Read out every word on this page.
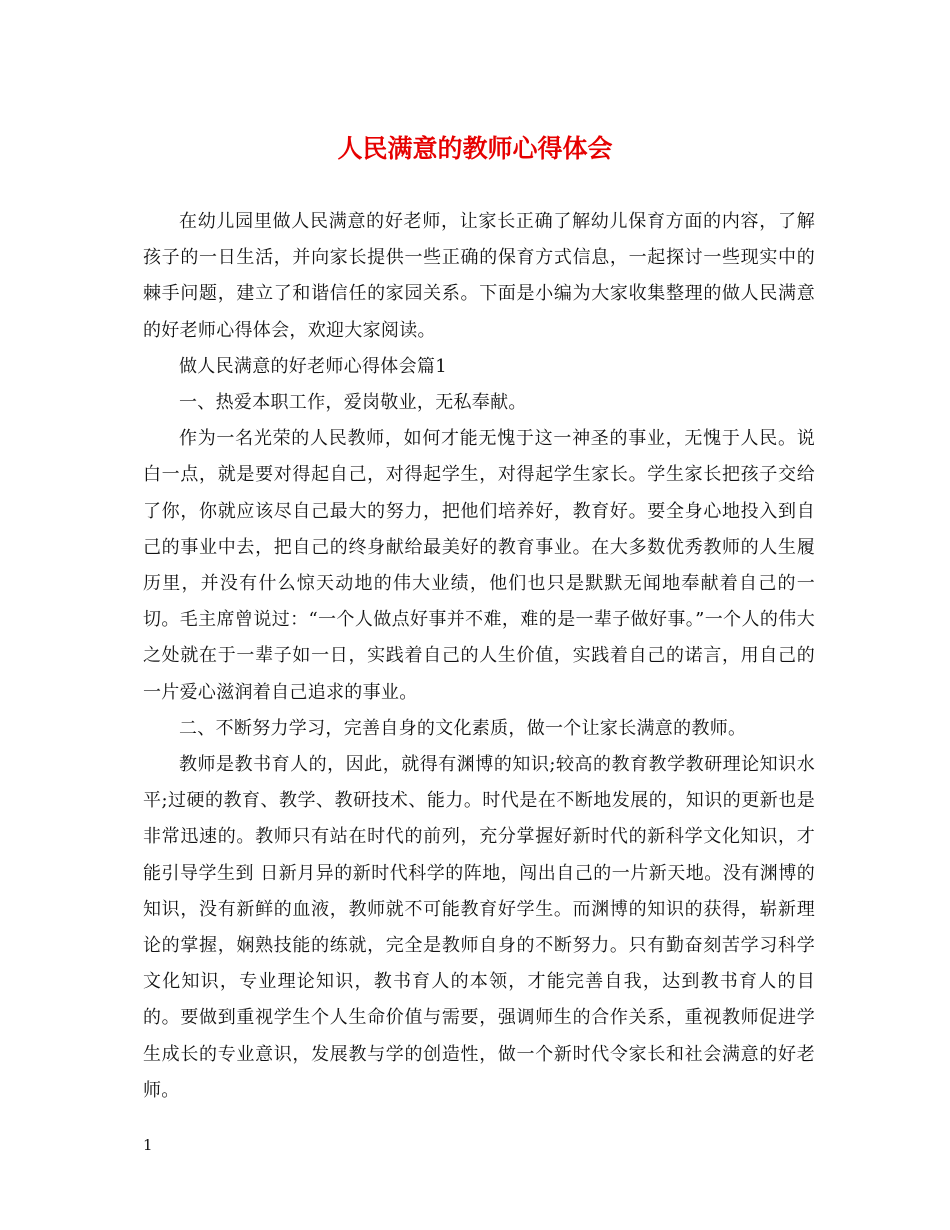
人民满意的教师心得体会

在幼儿园里做人民满意的好老师，让家长正确了解幼儿保育方面的内容，了解孩子的一日生活，并向家长提供一些正确的保育方式信息，一起探讨一些现实中的棘手问题，建立了和谐信任的家园关系。下面是小编为大家收集整理的做人民满意的好老师心得体会，欢迎大家阅读。

做人民满意的好老师心得体会篇1

一、热爱本职工作，爱岗敬业，无私奉献。

作为一名光荣的人民教师，如何才能无愧于这一神圣的事业，无愧于人民。说白一点，就是要对得起自己，对得起学生，对得起学生家长。学生家长把孩子交给了你，你就应该尽自己最大的努力，把他们培养好，教育好。要全身心地投入到自己的事业中去，把自己的终身献给最美好的教育事业。在大多数优秀教师的人生履历里，并没有什么惊天动地的伟大业绩，他们也只是默默无闻地奉献着自己的一切。毛主席曾说过：“一个人做点好事并不难，难的是一辈子做好事。”一个人的伟大之处就在于一辈子如一日，实践着自己的人生价值，实践着自己的诺言，用自己的一片爱心滋润着自己追求的事业。

二、不断努力学习，完善自身的文化素质，做一个让家长满意的教师。

教师是教书育人的，因此，就得有渊博的知识;较高的教育教学教研理论知识水平;过硬的教育、教学、教研技术、能力。时代是在不断地发展的，知识的更新也是非常迅速的。教师只有站在时代的前列，充分掌握好新时代的新科学文化知识，才能引导学生到 日新月异的新时代科学的阵地，闯出自己的一片新天地。没有渊博的知识，没有新鲜的血液，教师就不可能教育好学生。而渊博的知识的获得，崭新理论的掌握，娴熟技能的练就，完全是教师自身的不断努力。只有勤奋刻苦学习科学文化知识，专业理论知识，教书育人的本领，才能完善自我，达到教书育人的目的。要做到重视学生个人生命价值与需要，强调师生的合作关系，重视教师促进学生成长的专业意识，发展教与学的创造性，做一个新时代令家长和社会满意的好老师。

1
